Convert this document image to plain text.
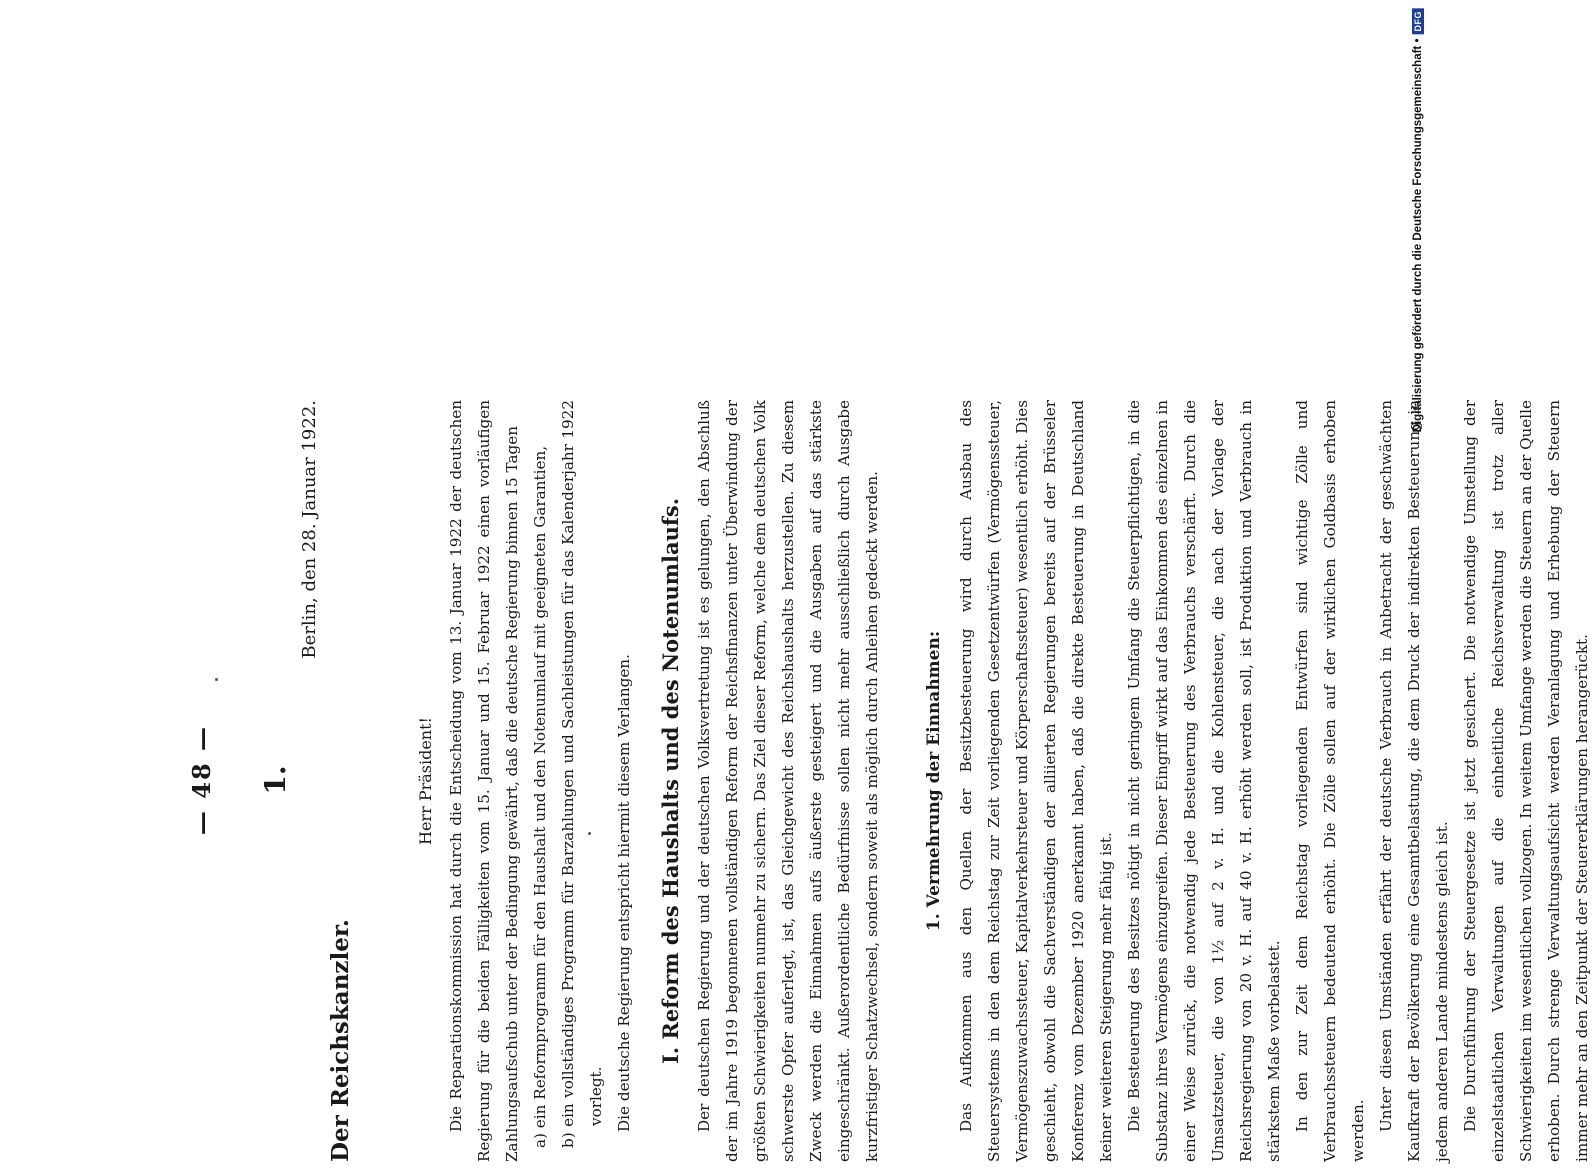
— 48 — 1.
Berlin, den 28. Januar 1922.
Der Reichskanzler.

Herr Präsident! Die Reparationskommission hat durch die Entscheidung vom 13. Januar 1922 der deutschen Regierung für die beiden Fälligkeiten vom 15. Januar und 15. Februar 1922 einen vorläufigen Zahlungsaufschub unter der Bedingung gewährt, daß die deutsche Regierung binnen 15 Tagen a) ein Reformprogramm für den Haushalt und den Notenumlauf mit geeigneten Garantien, b) ein vollständiges Programm für Barzahlungen und Sachleistungen für das Kalenderjahr 1922 vorlegt. Die deutsche Regierung entspricht hiermit diesem Verlangen. I. Reform des Haushalts und des Notenumlaufs. Der deutschen Regierung und der deutschen Volksvertretung ist es gelungen, den Abschluß der im Jahre 1919 begonnenen vollständigen Reform der Reichsfinanzen unter Überwindung der größten Schwierigkeiten nunmehr zu sichern. Das Ziel dieser Reform, welche dem deutschen Volk schwerste Opfer auferlegt, ist, das Gleichgewicht des Reichshaushalts herzustellen. Zu diesem Zweck werden die Einnahmen aufs äußerste gesteigert und die Ausgaben auf das stärkste eingeschränkt. Außerordentliche Bedürfnisse sollen nicht mehr ausschließlich durch Ausgabe kurzfristiger Schatzwechsel, sondern soweit als möglich durch Anleihen gedeckt werden.	1. Vermehrung der Einnahmen: Das Aufkommen aus den Quellen der Besitzbesteuerung wird durch Ausbau des Steuersystems in den dem Reichstag zur Zeit vorliegenden Gesetzentwürfen (Vermögenssteuer, Vermögenszuwachssteuer, Kapitalverkehrsteuer und Körperschaftssteuer) wesentlich erhöht. Dies geschieht, obwohl die Sachverständigen der alliierten Regierungen bereits auf der Brüsseler Konferenz vom Dezember 1920 anerkannt haben, daß die direkte Besteuerung in Deutschland keiner weiteren Steigerung mehr fähig ist. Die Besteuerung des Besitzes nötigt in nicht geringem Umfang die Steuerpflichtigen, in die Substanz ihres Vermögens einzugreifen. Dieser Eingriff wirkt auf das Einkommen des einzelnen in einer Weise zurück, die notwendig jede Besteuerung des Verbrauchs verschärft. Durch die Umsatzsteuer, die von 1½ auf 2 v. H. und die Kohlensteuer, die nach der Vorlage der Reichsregierung von 20 v. H. auf 40 v. H. erhöht werden soll, ist Produktion und Verbrauch in stärkstem Maße vorbelastet. In den zur Zeit dem Reichstag vorliegenden Entwürfen sind wichtige Zölle und Verbrauchssteuern bedeutend erhöht. Die Zölle sollen auf der wirklichen Goldbasis erhoben werden. Unter diesen Umständen erfährt der deutsche Verbrauch in Anbetracht der geschwächten Kaufkraft der Bevölkerung eine Gesamtbelastung, die dem Druck der indirekten Besteuerung in jedem anderen Lande mindestens gleich ist. Die Durchführung der Steuergesetze ist jetzt gesichert. Die notwendige Umstellung der einzelstaatlichen Verwaltungen auf die einheitliche Reichsverwaltung ist trotz aller Schwierigkeiten im wesentlichen vollzogen. In weitem Umfange werden die Steuern an der Quelle erhoben. Durch strenge Verwaltungsaufsicht werden Veranlagung und Erhebung der Steuern immer mehr an den Zeitpunkt der Steuererklärungen herangerückt.

Digitalisierung gefördert durch die Deutsche Forschungsgemeinschaft •
DFG
